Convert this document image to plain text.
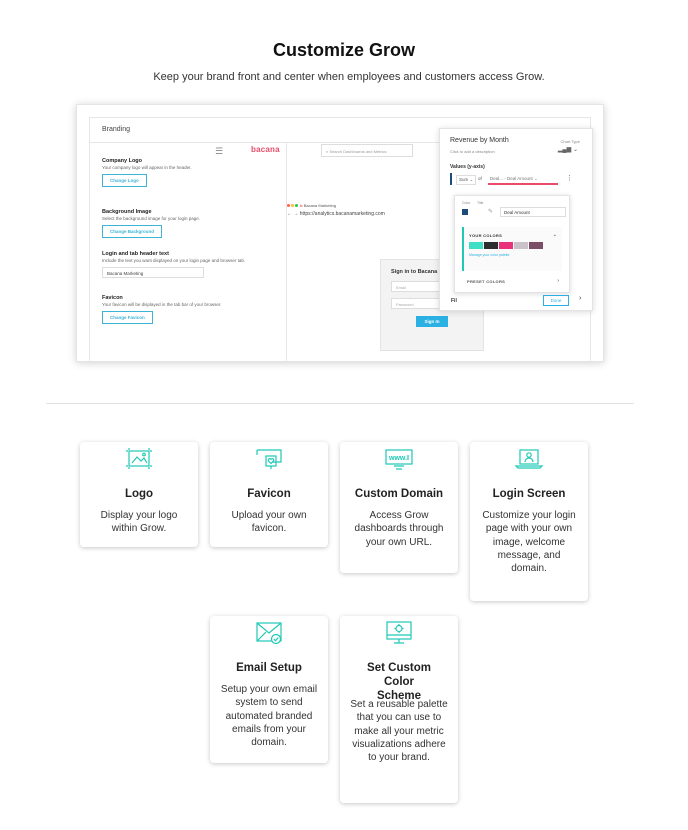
Customize Grow
Keep your brand front and center when employees and customers access Grow.
Branding
Company Logo
Your company logo will appear in the header.
Change Logo
Background Image
Select the background image for your login page.
Change Background
Login and tab header text
Include the text you want displayed on your login page and browser tab.
Bacana Marketing
Favicon
Your favicon will be displayed in the tab bar of your browser.
Change Favicon
☰	bacana	⌕ Search Dashboards and Metrics
b Bacana Marketing
← → https://analytics.bacanamarketing.com
Sign in to Bacana
Email
Password
Sign In
Revenue by Month
Click to add a description
Chart Type
▂▄▆ ⌄
Values (y-axis)
Sum ⌄	of	Deal... - Deal Amount ⌄	⋮
Color Title
✎	Deal Amount
YOUR COLORS	⌄
Manage your color palette
PRESET COLORS	›
Fil	Done	›
Logo
Display your logo within Grow.
Favicon
Upload your own favicon.
www.
Custom Domain
Access Grow dashboards through your own URL.
Login Screen
Customize your login page with your own image, welcome message, and domain.
Email Setup
Setup your own email system to send automated branded emails from your domain.
Set Custom Color Scheme
Set a reusable palette that you can use to make all your metric visualizations adhere to your brand.
